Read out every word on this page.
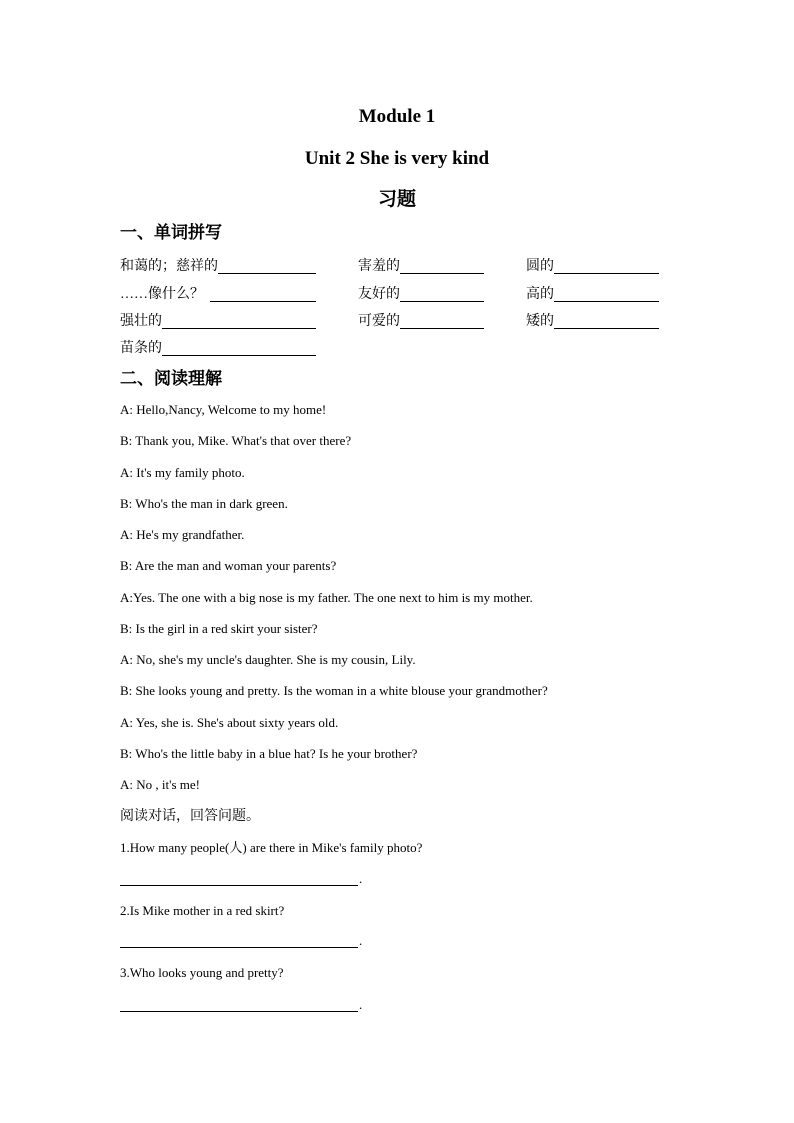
Module 1
Unit 2 She is very kind
习题
一、单词拼写
和蔼的；慈祥的	害羞的	圆的
……像什么？	友好的	高的
强壮的	可爱的	矮的
苗条的
二、阅读理解

A: Hello,Nancy, Welcome to my home!

B: Thank you, Mike. What's that over there?

A: It's my family photo.

B: Who's the man in dark green.

A: He's my grandfather.

B: Are the man and woman your parents?

A:Yes. The one with a big nose is my father. The one next to him is my mother.

B: Is the girl in a red skirt your sister?

A: No, she's my uncle's daughter. She is my cousin, Lily.

B: She looks young and pretty. Is the woman in a white blouse your grandmother?

A: Yes, she is. She's about sixty years old.

B: Who's the little baby in a blue hat? Is he your brother?

A: No , it's me!

阅读对话，回答问题。
1.How many people(人) are there in Mike's family photo?
.
2.Is Mike mother in a red skirt?
.
3.Who looks young and pretty?
.
